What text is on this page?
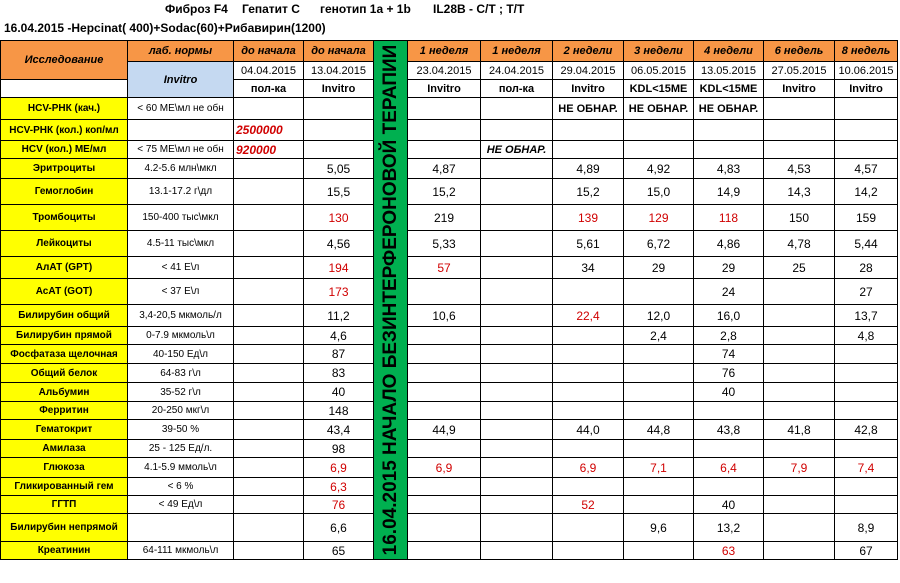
Фиброз F4

Гепатит С

генотип 1a + 1b

IL28B - C/T ; T/T

16.04.2015 -Hepcinat( 400)+Sodac(60)+Рибавирин(1200)
Исследование	лаб. нормы	до начала	до начала	16.04.2015 НАЧАЛО БЕЗИНТЕРФЕРОНОВОЙ ТЕРАПИИ	1 неделя	1 неделя	2 недели	3 недели	4 недели	6 недель	8 недель
	Invitro	04.04.2015	13.04.2015		23.04.2015	24.04.2015	29.04.2015	06.05.2015	13.05.2015	27.05.2015	10.06.2015
		пол-ка	Invitro		Invitro	пол-ка	Invitro	KDL<15ME	KDL<15ME	Invitro	Invitro
HCV-РНК (кач.)	< 60 МЕ\мл не обн						НЕ ОБНАР.	НЕ ОБНАР.	НЕ ОБНАР.		
HCV-РНК (кол.) коп/мл		2500000									
HCV (кол.) МЕ/мл	< 75 МЕ\мл не обн	920000				НЕ ОБНАР.					
Эритроциты	4.2-5.6 млн\мкл		5,05		4,87		4,89	4,92	4,83	4,53	4,57
Гемоглобин	13.1-17.2 г\дл		15,5		15,2		15,2	15,0	14,9	14,3	14,2
Тромбоциты	150-400 тыс\мкл		130		219		139	129	118	150	159
Лейкоциты	4.5-11 тыс\мкл		4,56		5,33		5,61	6,72	4,86	4,78	5,44
АлАТ (GPT)	< 41 Е\л		194		57		34	29	29	25	28
АсАТ (GOT)	< 37 Е\л		173						24		27
Билирубин общий	3,4-20,5 мкмоль/л		11,2		10,6		22,4	12,0	16,0		13,7
Билирубин прямой	0-7.9 мкмоль\л		4,6					2,4	2,8		4,8
Фосфатаза щелочная	40-150 Ед\л		87						74		
Общий белок	64-83 г\л		83						76		
Альбумин	35-52 г\л		40						40		
Ферритин	20-250 мкг\л		148								
Гематокрит	39-50 %		43,4		44,9		44,0	44,8	43,8	41,8	42,8
Амилаза	25 - 125 Ед/л.		98								
Глюкоза	4.1-5.9 ммоль\л		6,9		6,9		6,9	7,1	6,4	7,9	7,4
Гликированный гем	< 6 %		6,3								
ГГТП	< 49 Ед\л		76				52		40		
Билирубин непрямой			6,6					9,6	13,2		8,9
Креатинин	64-111 мкмоль\л		65						63		67
